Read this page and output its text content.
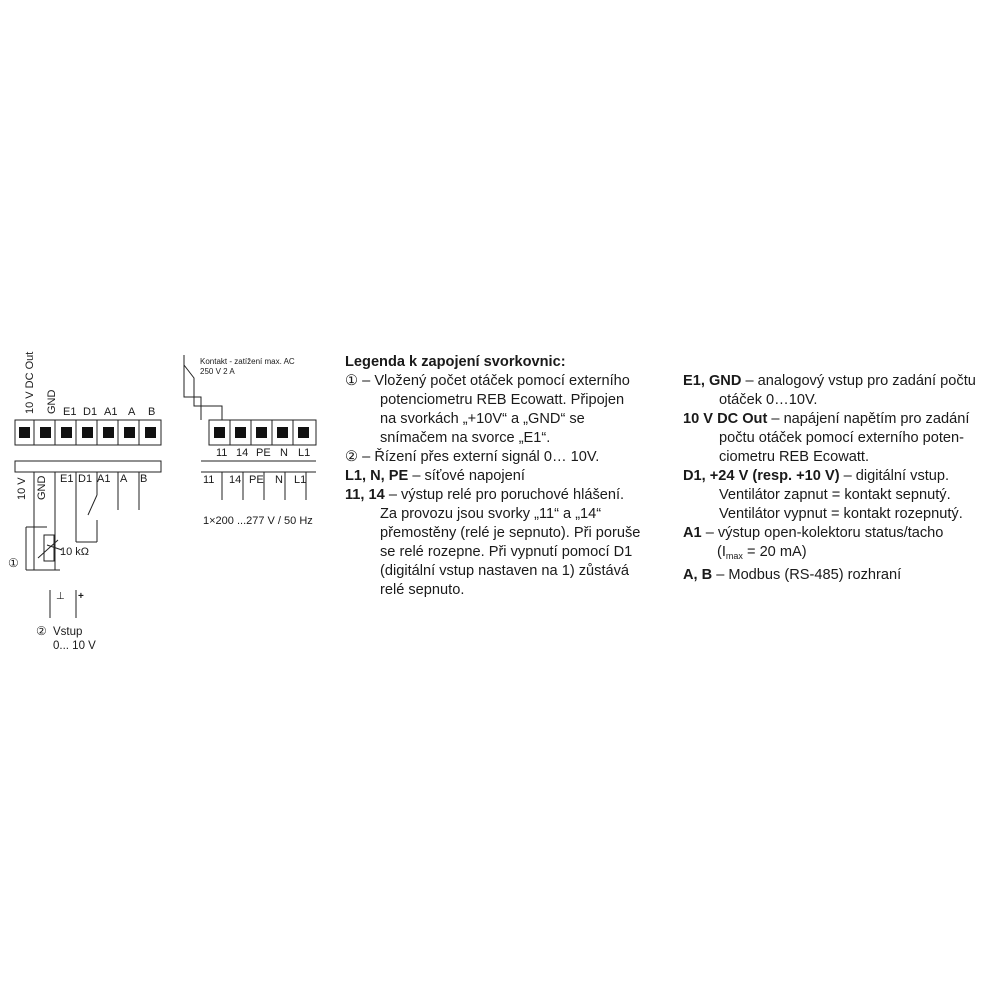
10 V DC Out GND E1 D1 A1 A B
Kontakt - zatížení max. AC
250 V 2 A
11 14 PE N L1
10 V GND E1 D1 A1 A B
10 kΩ
①
⊥ +
② Vstup
0... 10 V
11 14 PE N L1
1×200 ...277 V / 50 Hz

Legenda k zapojení svorkovnic:

① – Vložený počet otáček pomocí externího

potenciometru REB Ecowatt. Připojen

na svorkách „+10V“ a „GND“ se

snímačem na svorce „E1“.

② – Řízení přes externí signál 0… 10V.

L1, N, PE – síťové napojení

11, 14 – výstup relé pro poruchové hlášení.

Za provozu jsou svorky „11“ a „14“

přemostěny (relé je sepnuto). Při poruše

se relé rozepne. Při vypnutí pomocí D1

(digitální vstup nastaven na 1) zůstává

relé sepnuto.

E1, GND – analogový vstup pro zadání počtu

otáček 0…10V.

10 V DC Out – napájení napětím pro zadání

počtu otáček pomocí externího poten-

ciometru REB Ecowatt.

D1, +24 V (resp. +10 V) – digitální vstup.

Ventilátor zapnut = kontakt sepnutý.

Ventilátor vypnut = kontakt rozepnutý.

A1 – výstup open-kolektoru status/tacho

($I_{max} = 20$ mA)

A, B – Modbus (RS-485) rozhraní
